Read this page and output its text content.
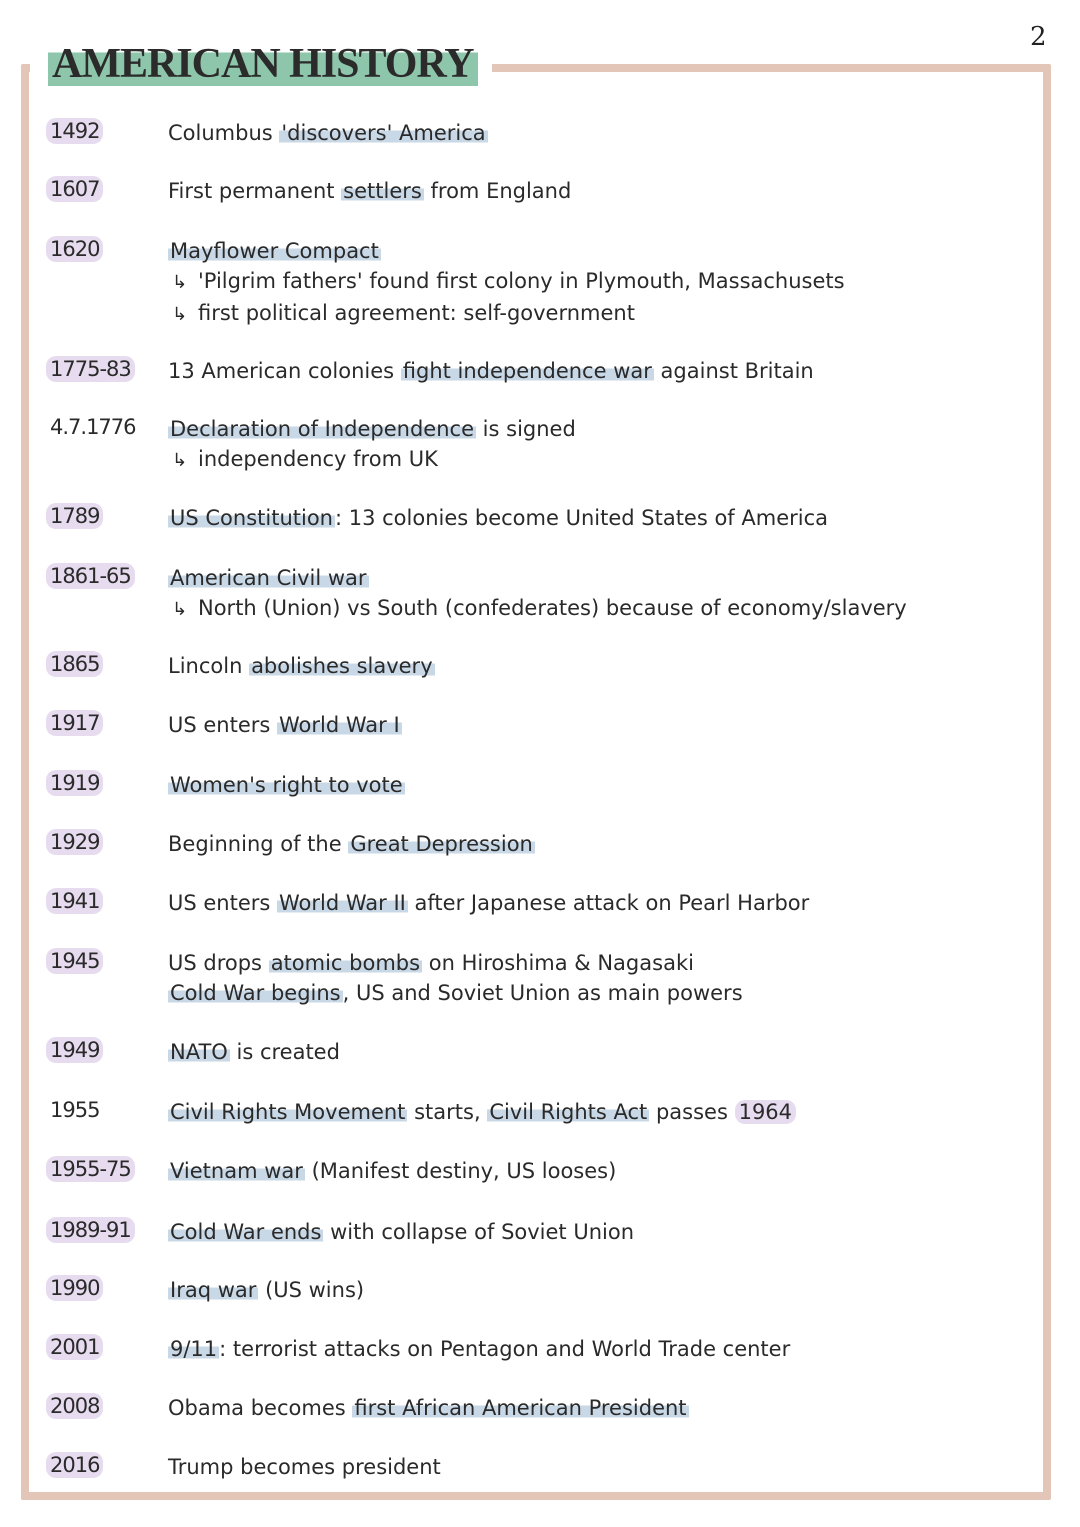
2
AMERICAN HISTORY
1492	Columbus 'discovers' America
1607	First permanent settlers from England
1620	Mayflower Compact
↳ 'Pilgrim fathers' found first colony in Plymouth, Massachusets
↳ first political agreement: self-government
1775-83 13 American colonies fight independence war against Britain
4.7.1776 Declaration of Independence is signed
↳ independency from UK
1789	US Constitution: 13 colonies become United States of America
1861-65 American Civil war
↳ North (Union) vs South (confederates) because of economy/slavery
1865	Lincoln abolishes slavery
1917	US enters World War I
1919	Women's right to vote
1929	Beginning of the Great Depression
1941	US enters World War II after Japanese attack on Pearl Harbor
1945	US drops atomic bombs on Hiroshima & Nagasaki
Cold War begins, US and Soviet Union as main powers
1949	NATO is created
1955	Civil Rights Movement starts, Civil Rights Act passes 1964
1955-75 Vietnam war (Manifest destiny, US looses)
1989-91 Cold War ends with collapse of Soviet Union
1990	Iraq war (US wins)
2001	9/11: terrorist attacks on Pentagon and World Trade center
2008	Obama becomes first African American President
2016	Trump becomes president
